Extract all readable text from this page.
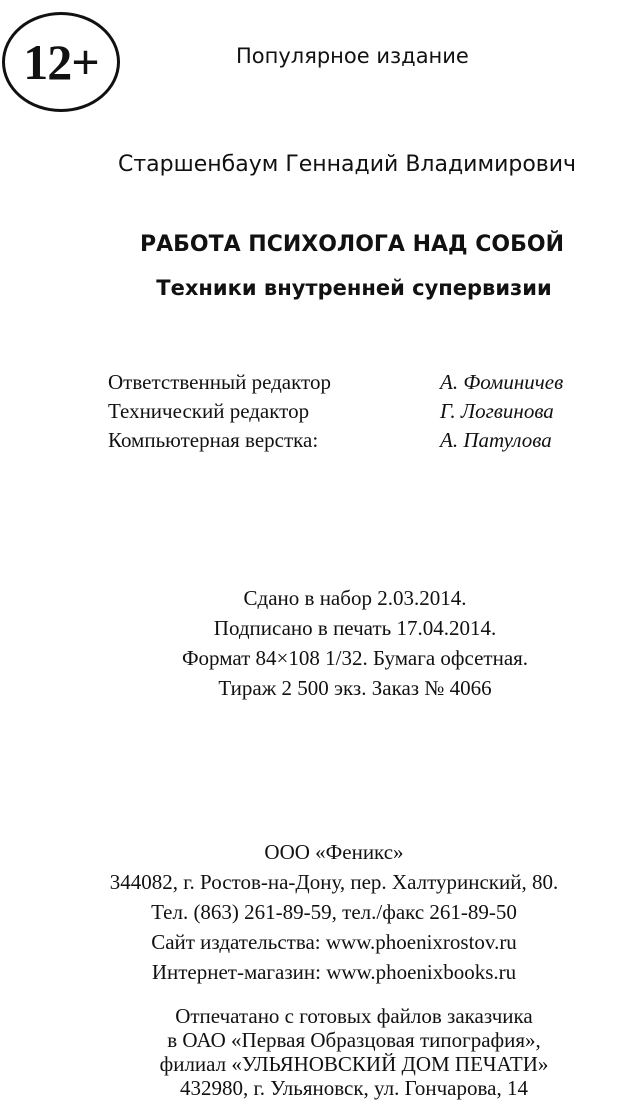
12+	Популярное издание
Старшенбаум Геннадий Владимирович
РАБОТА ПСИХОЛОГА НАД СОБОЙ
Техники внутренней супервизии
Ответственный редактор	А. Фоминичев
Технический редактор	Г. Логвинова
Компьютерная верстка:	А. Патулова
Сдано в набор 2.03.2014.
Подписано в печать 17.04.2014.
Формат 84×108 1/32. Бумага офсетная.
Тираж 2 500 экз. Заказ № 4066
ООО «Феникс»
344082, г. Ростов-на-Дону, пер. Халтуринский, 80.
Тел. (863) 261-89-59, тел./факс 261-89-50
Сайт издательства: www.phoenixrostov.ru
Интернет-магазин: www.phoenixbooks.ru
Отпечатано с готовых файлов заказчика
в ОАО «Первая Образцовая типография»,
филиал «УЛЬЯНОВСКИЙ ДОМ ПЕЧАТИ»
432980, г. Ульяновск, ул. Гончарова, 14
